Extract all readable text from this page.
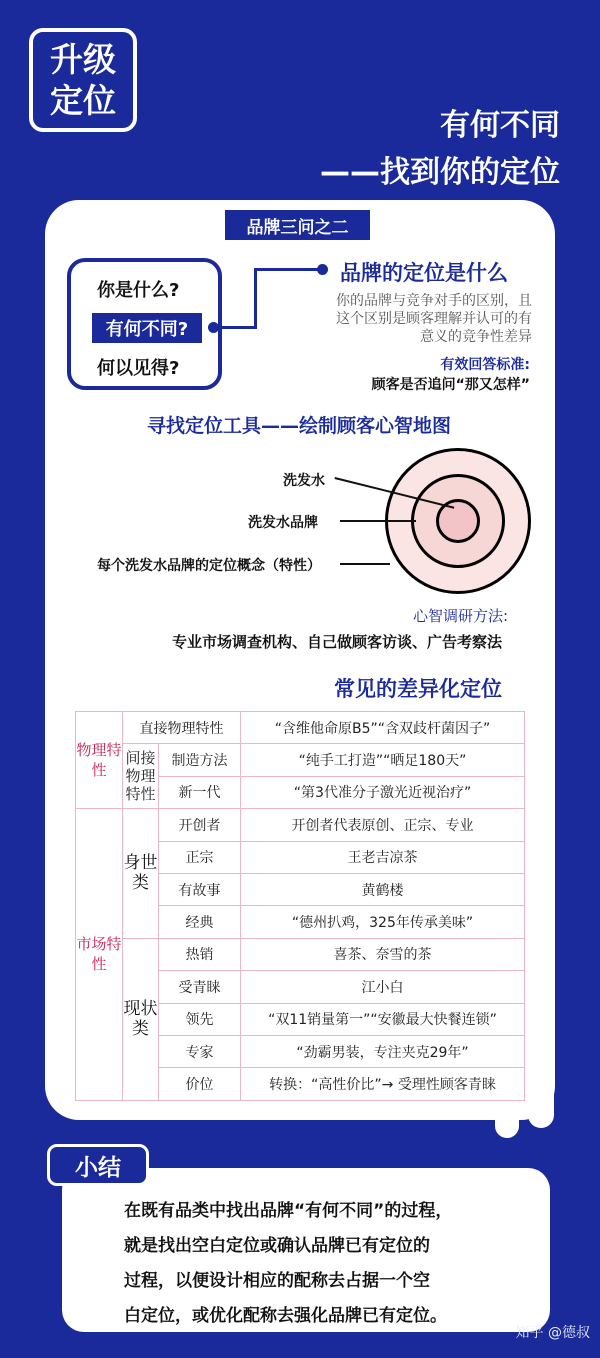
升级
定位
有何不同
——找到你的定位
品牌三问之二
你是什么?
有何不同?
何以见得?
品牌的定位是什么
你的品牌与竞争对手的区别，且
这个区别是顾客理解并认可的有
意义的竞争性差异
有效回答标准:
顾客是否追问“那又怎样”
寻找定位工具——绘制顾客心智地图
洗发水
洗发水品牌
每个洗发水品牌的定位概念（特性）
心智调研方法:
专业市场调查机构、自己做顾客访谈、广告考察法
常见的差异化定位
物理特性	直接物理特性		“含维他命原B5”“含双歧杆菌因子”
	间接物理特性	制造方法	“纯手工打造”“晒足180天”
		新一代	“第3代准分子激光近视治疗”
市场特性	身世类	开创者	开创者代表原创、正宗、专业
		正宗	王老吉凉茶
		有故事	黄鹤楼
		经典	“德州扒鸡，325年传承美味”
	现状类	热销	喜茶、奈雪的茶
		受青睐	江小白
		领先	“双11销量第一”“安徽最大快餐连锁”
		专家	“劲霸男装，专注夹克29年”
		价位	转换：“高性价比”→ 受理性顾客青睐
小结
在既有品类中找出品牌“有何不同”的过程，
就是找出空白定位或确认品牌已有定位的
过程，以便设计相应的配称去占据一个空
白定位，或优化配称去强化品牌已有定位。
知乎 @德叔
